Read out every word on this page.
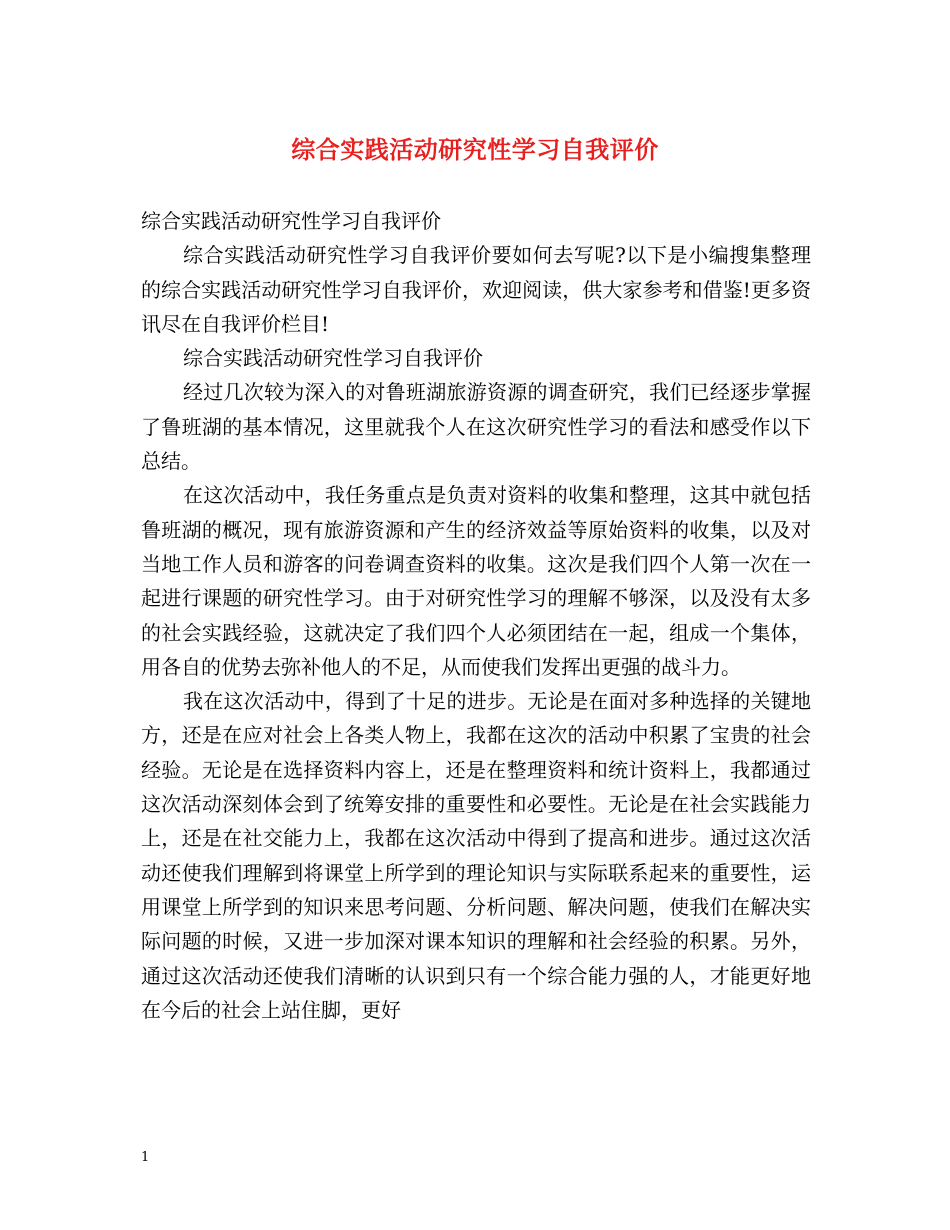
综合实践活动研究性学习自我评价

综合实践活动研究性学习自我评价

综合实践活动研究性学习自我评价要如何去写呢?以下是小编搜集整理的综合实践活动研究性学习自我评价，欢迎阅读，供大家参考和借鉴!更多资讯尽在自我评价栏目!

综合实践活动研究性学习自我评价

经过几次较为深入的对鲁班湖旅游资源的调查研究，我们已经逐步掌握了鲁班湖的基本情况，这里就我个人在这次研究性学习的看法和感受作以下总结。

在这次活动中，我任务重点是负责对资料的收集和整理，这其中就包括鲁班湖的概况，现有旅游资源和产生的经济效益等原始资料的收集，以及对当地工作人员和游客的问卷调查资料的收集。这次是我们四个人第一次在一起进行课题的研究性学习。由于对研究性学习的理解不够深，以及没有太多的社会实践经验，这就决定了我们四个人必须团结在一起，组成一个集体，用各自的优势去弥补他人的不足，从而使我们发挥出更强的战斗力。

我在这次活动中，得到了十足的进步。无论是在面对多种选择的关键地方，还是在应对社会上各类人物上，我都在这次的活动中积累了宝贵的社会经验。无论是在选择资料内容上，还是在整理资料和统计资料上，我都通过这次活动深刻体会到了统筹安排的重要性和必要性。无论是在社会实践能力上，还是在社交能力上，我都在这次活动中得到了提高和进步。通过这次活动还使我们理解到将课堂上所学到的理论知识与实际联系起来的重要性，运用课堂上所学到的知识来思考问题、分析问题、解决问题，使我们在解决实际问题的时候，又进一步加深对课本知识的理解和社会经验的积累。另外，通过这次活动还使我们清晰的认识到只有一个综合能力强的人，才能更好地在今后的社会上站住脚，更好

1
